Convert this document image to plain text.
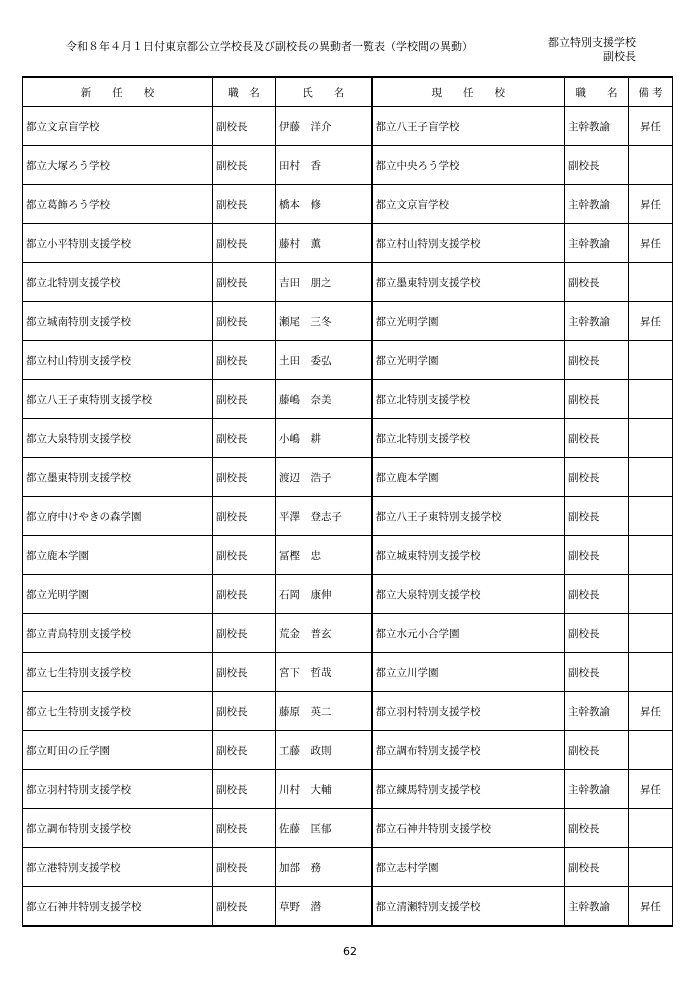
令和８年４月１日付東京都公立学校長及び副校長の異動者一覧表（学校間の異動）	都立特別支援学校
副校長
新　　任　　校	職　名	氏　　名	現　　任　　校	職　　名	備 考
都立文京盲学校	副校長	伊藤　洋介	都立八王子盲学校	主幹教諭	昇任
都立大塚ろう学校	副校長	田村　香	都立中央ろう学校	副校長	
都立葛飾ろう学校	副校長	橋本　修	都立文京盲学校	主幹教諭	昇任
都立小平特別支援学校	副校長	藤村　薫	都立村山特別支援学校	主幹教諭	昇任
都立北特別支援学校	副校長	吉田　朋之	都立墨東特別支援学校	副校長	
都立城南特別支援学校	副校長	瀬尾　三冬	都立光明学園	主幹教諭	昇任
都立村山特別支援学校	副校長	土田　委弘	都立光明学園	副校長	
都立八王子東特別支援学校	副校長	藤嶋　奈美	都立北特別支援学校	副校長	
都立大泉特別支援学校	副校長	小嶋　耕	都立北特別支援学校	副校長	
都立墨東特別支援学校	副校長	渡辺　浩子	都立鹿本学園	副校長	
都立府中けやきの森学園	副校長	平澤　登志子	都立八王子東特別支援学校	副校長	
都立鹿本学園	副校長	冨樫　忠	都立城東特別支援学校	副校長	
都立光明学園	副校長	石岡　康伸	都立大泉特別支援学校	副校長	
都立青鳥特別支援学校	副校長	荒金　普玄	都立水元小合学園	副校長	
都立七生特別支援学校	副校長	宮下　哲哉	都立立川学園	副校長	
都立七生特別支援学校	副校長	藤原　英二	都立羽村特別支援学校	主幹教諭	昇任
都立町田の丘学園	副校長	工藤　政則	都立調布特別支援学校	副校長	
都立羽村特別支援学校	副校長	川村　大輔	都立練馬特別支援学校	主幹教諭	昇任
都立調布特別支援学校	副校長	佐藤　匡郁	都立石神井特別支援学校	副校長	
都立港特別支援学校	副校長	加部　務	都立志村学園	副校長	
都立石神井特別支援学校	副校長	草野　潜	都立清瀬特別支援学校	主幹教諭	昇任
62
